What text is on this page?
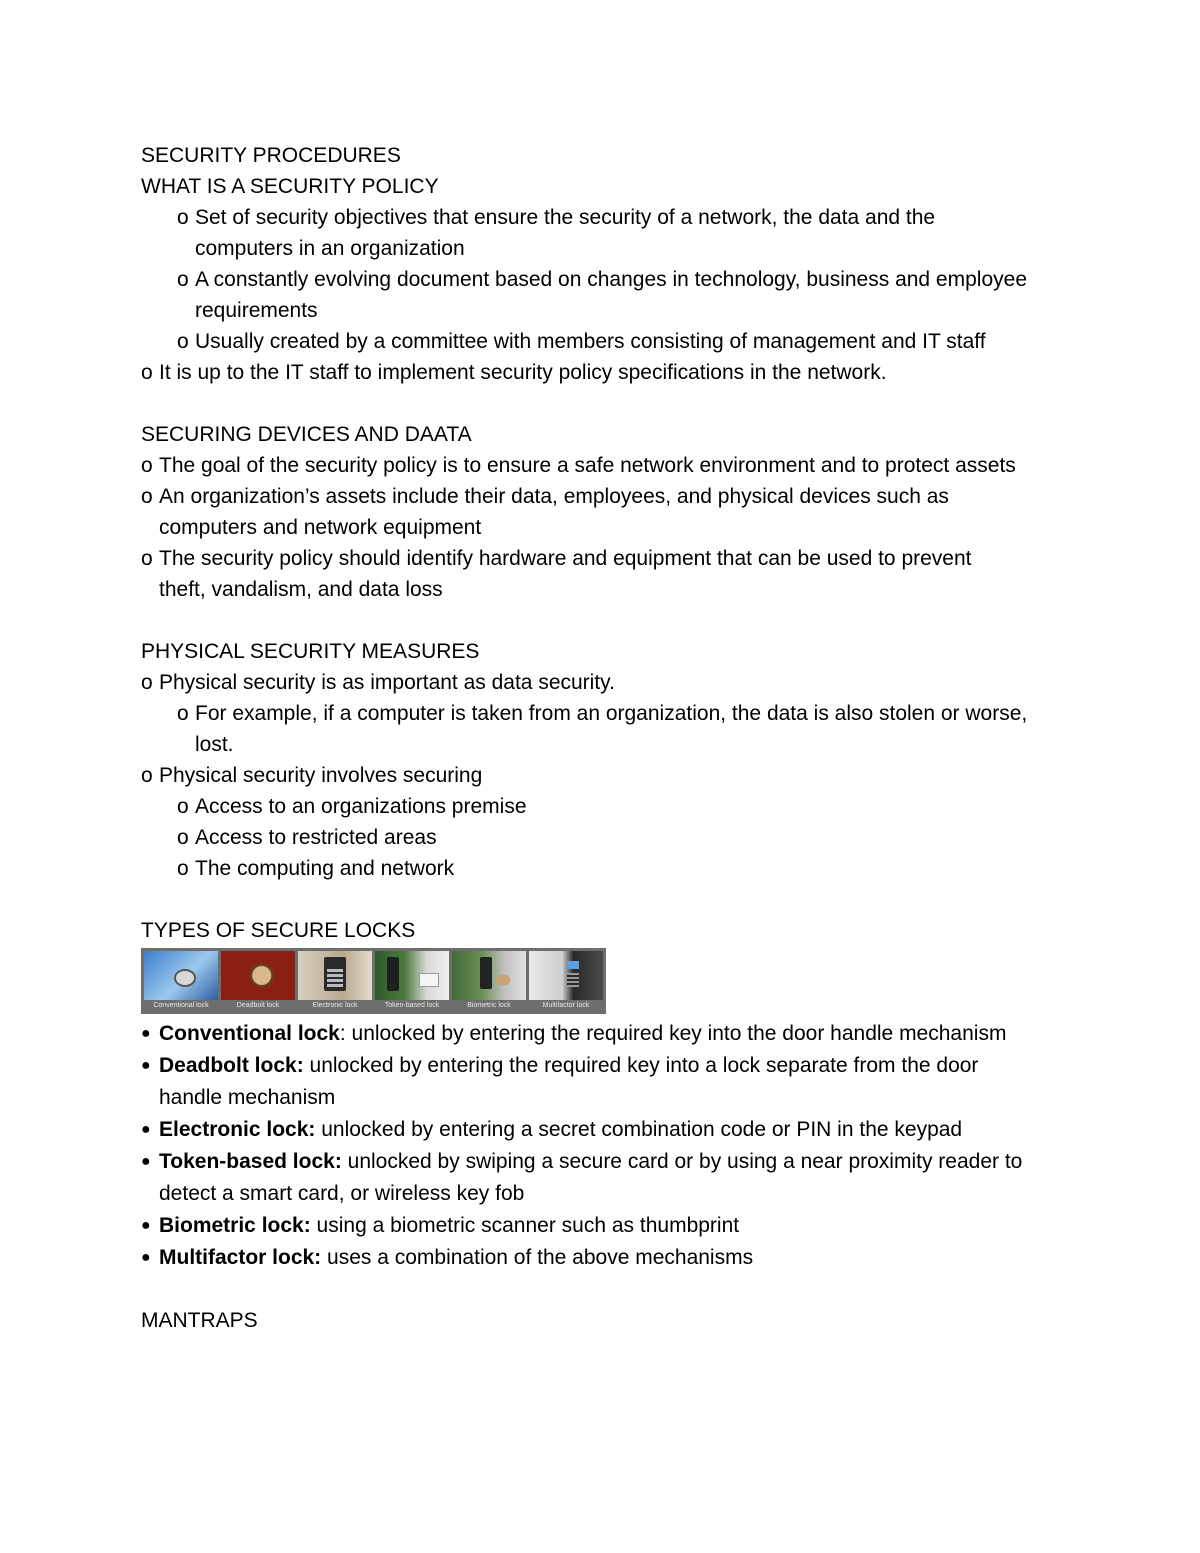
SECURITY PROCEDURES
WHAT IS A SECURITY POLICY
o Set of security objectives that ensure the security of a network, the data and the
computers in an organization
o A constantly evolving document based on changes in technology, business and employee
requirements
o Usually created by a committee with members consisting of management and IT staff
o It is up to the IT staff to implement security policy specifications in the network.
SECURING DEVICES AND DAATA
o The goal of the security policy is to ensure a safe network environment and to protect assets
o An organization’s assets include their data, employees, and physical devices such as
computers and network equipment
o The security policy should identify hardware and equipment that can be used to prevent
theft, vandalism, and data loss
PHYSICAL SECURITY MEASURES
o Physical security is as important as data security.
o For example, if a computer is taken from an organization, the data is also stolen or worse,
lost.
o Physical security involves securing
o Access to an organizations premise
o Access to restricted areas
o The computing and network
TYPES OF SECURE LOCKS
Conventional lock	Deadbolt lock	Electronic lock	Token-based lock	Biometric lock	Multifactor lock
● Conventional lock: unlocked by entering the required key into the door handle mechanism
● Deadbolt lock: unlocked by entering the required key into a lock separate from the door
handle mechanism
● Electronic lock: unlocked by entering a secret combination code or PIN in the keypad
● Token-based lock: unlocked by swiping a secure card or by using a near proximity reader to
detect a smart card, or wireless key fob
● Biometric lock: using a biometric scanner such as thumbprint
● Multifactor lock: uses a combination of the above mechanisms
MANTRAPS
